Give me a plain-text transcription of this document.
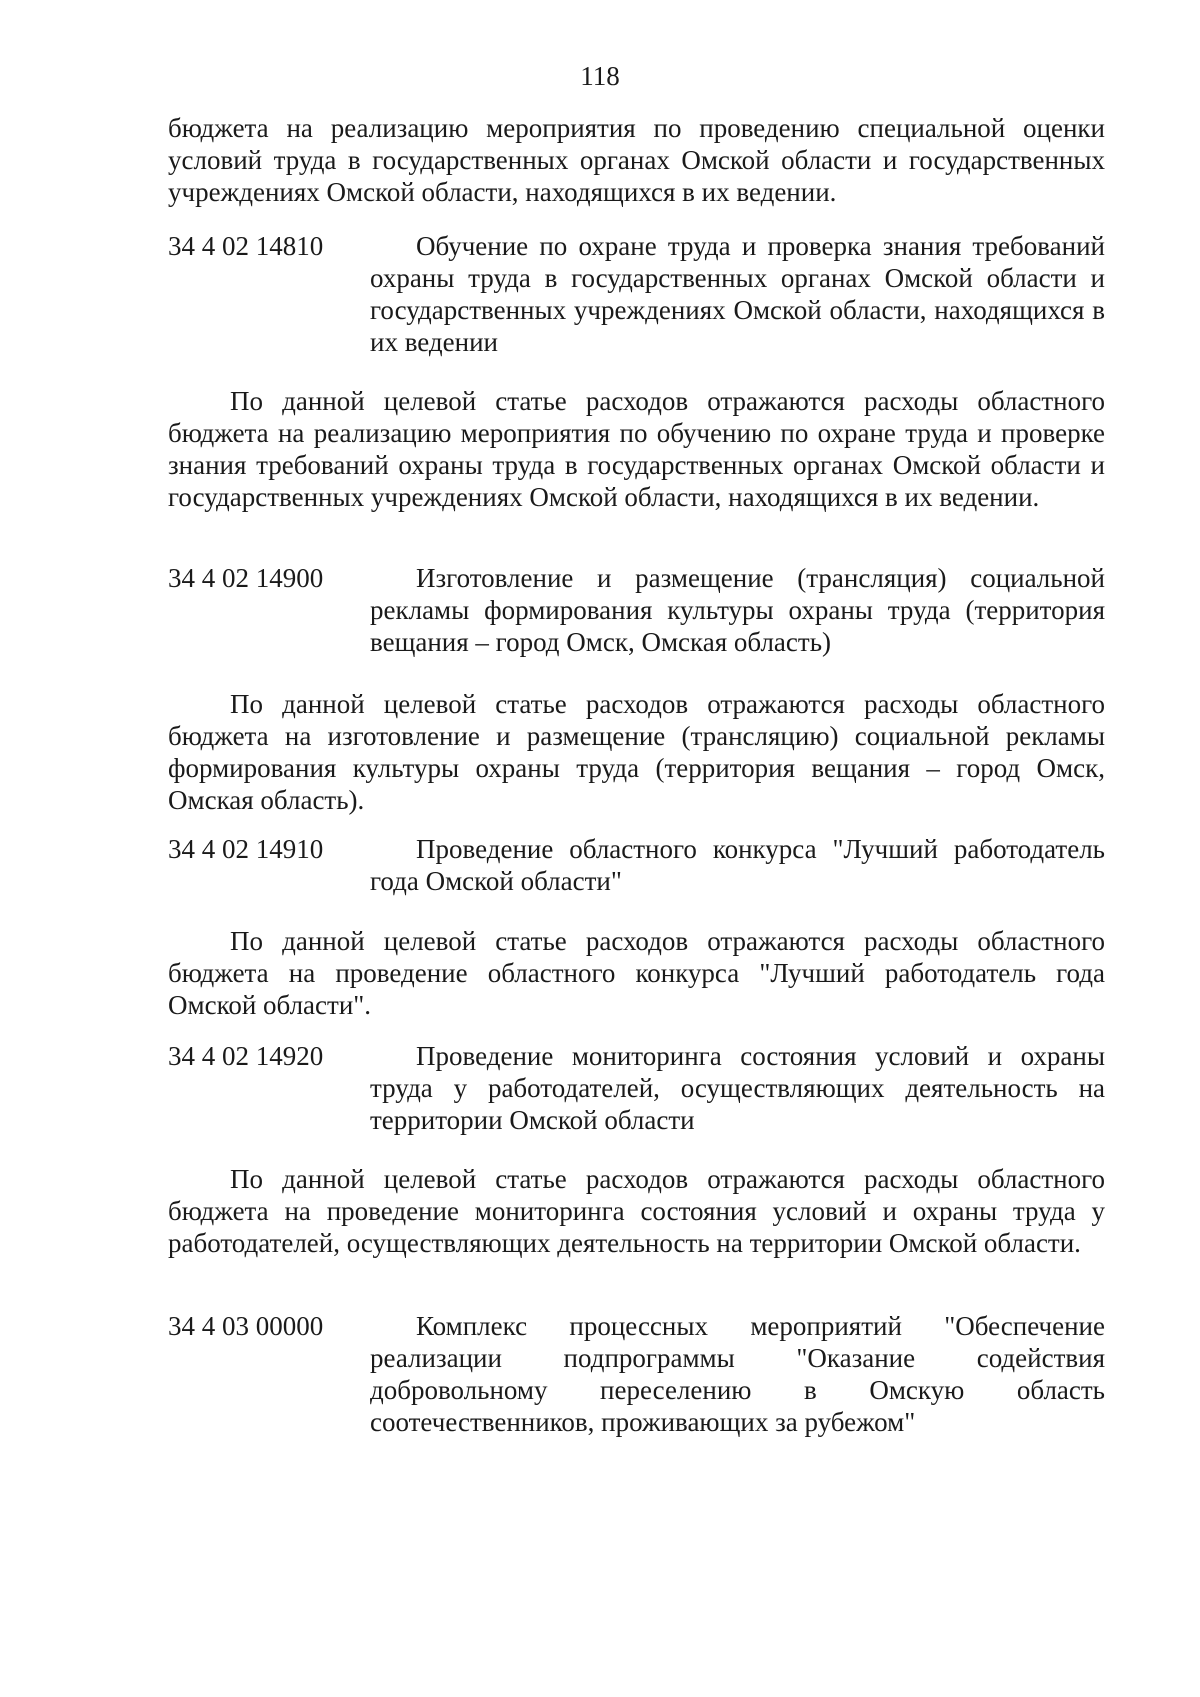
118
бюджета на реализацию мероприятия по проведению специальной оценки условий труда в государственных органах Омской области и государственных учреждениях Омской области, находящихся в их ведении.
34 4 02 14810	Обучение по охране труда и проверка знания требований охраны труда в государственных органах Омской области и государственных учреждениях Омской области, находящихся в их ведении
По данной целевой статье расходов отражаются расходы областного бюджета на реализацию мероприятия по обучению по охране труда и проверке знания требований охраны труда в государственных органах Омской области и государственных учреждениях Омской области, находящихся в их ведении.
34 4 02 14900	Изготовление и размещение (трансляция) социальной рекламы формирования культуры охраны труда (территория вещания – город Омск, Омская область)
По данной целевой статье расходов отражаются расходы областного бюджета на изготовление и размещение (трансляцию) социальной рекламы формирования культуры охраны труда (территория вещания – город Омск, Омская область).
34 4 02 14910	Проведение областного конкурса "Лучший работодатель года Омской области"
По данной целевой статье расходов отражаются расходы областного бюджета на проведение областного конкурса "Лучший работодатель года Омской области".
34 4 02 14920	Проведение мониторинга состояния условий и охраны труда у работодателей, осуществляющих деятельность на территории Омской области
По данной целевой статье расходов отражаются расходы областного бюджета на проведение мониторинга состояния условий и охраны труда у работодателей, осуществляющих деятельность на территории Омской области.
34 4 03 00000	Комплекс процессных мероприятий "Обеспечение реализации подпрограммы "Оказание содействия добровольному переселению в Омскую область соотечественников, проживающих за рубежом"
